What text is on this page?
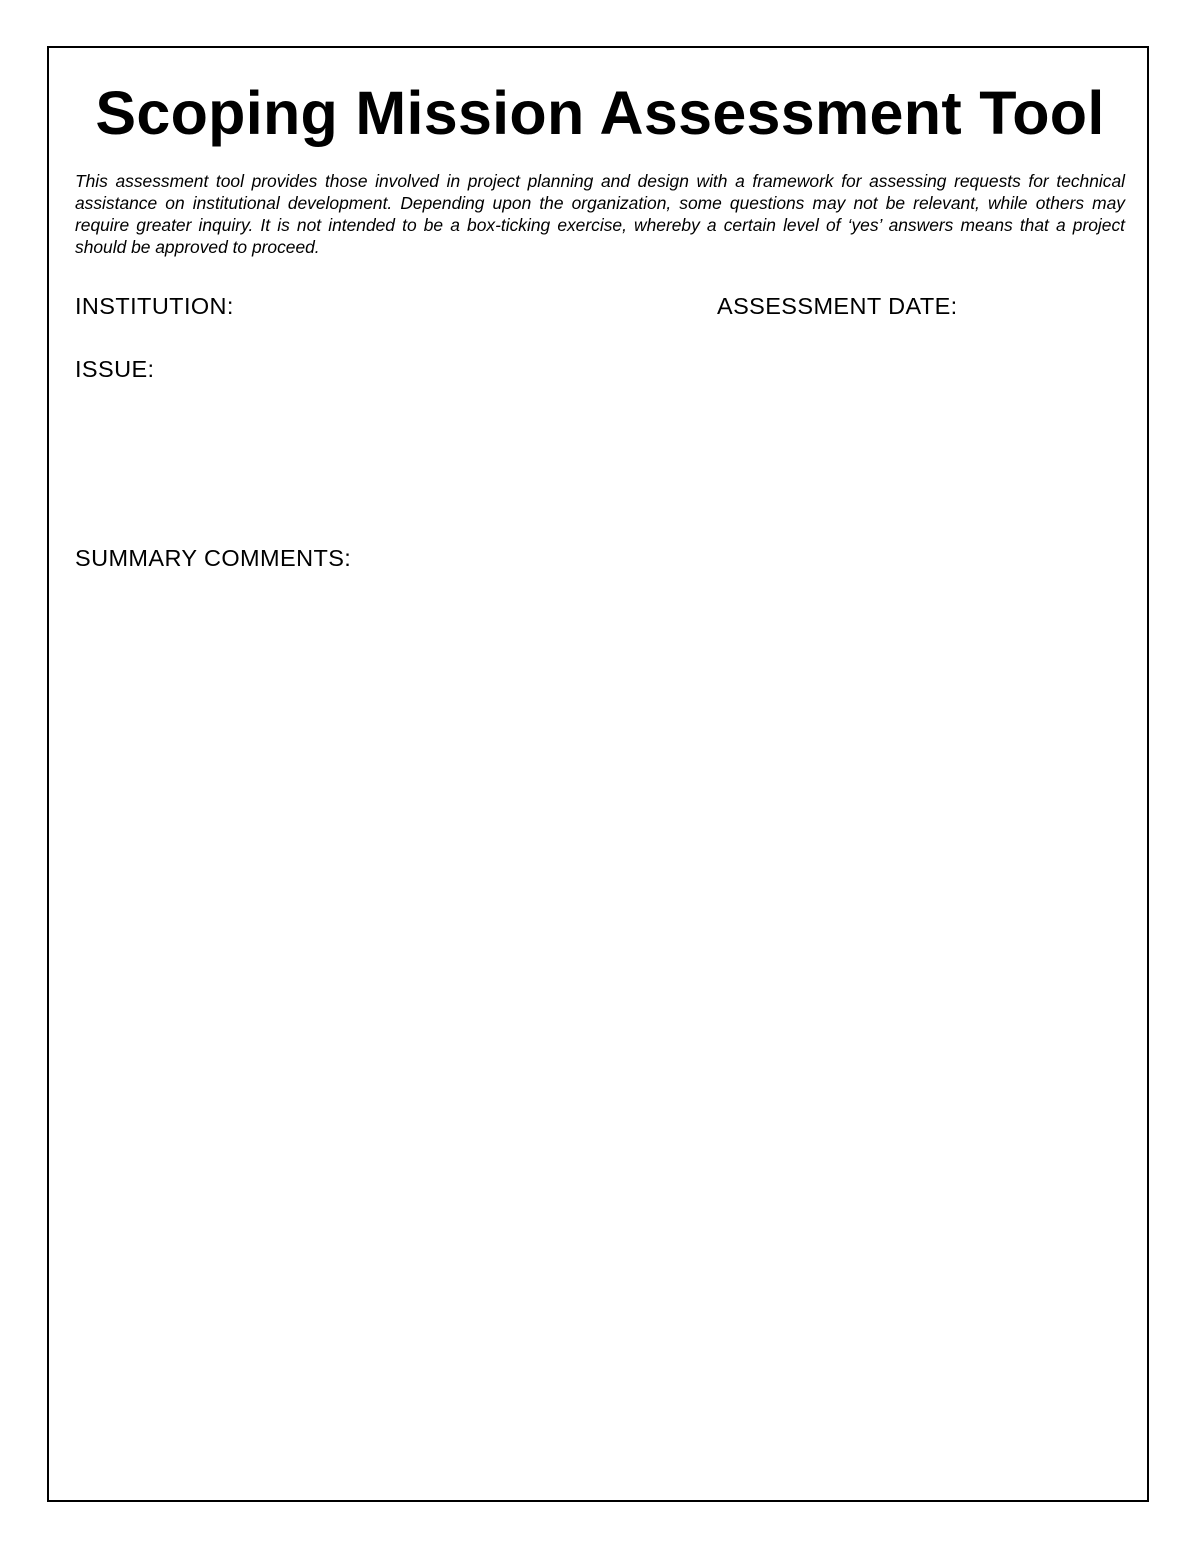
Scoping Mission Assessment Tool

This assessment tool provides those involved in project planning and design with a framework for assessing requests for technical assistance on institutional development. Depending upon the organization, some questions may not be relevant, while others may require greater inquiry. It is not intended to be a box-ticking exercise, whereby a certain level of ‘yes’ answers means that a project should be approved to proceed.

INSTITUTION:	ASSESSMENT DATE:
ISSUE:
SUMMARY COMMENTS:
